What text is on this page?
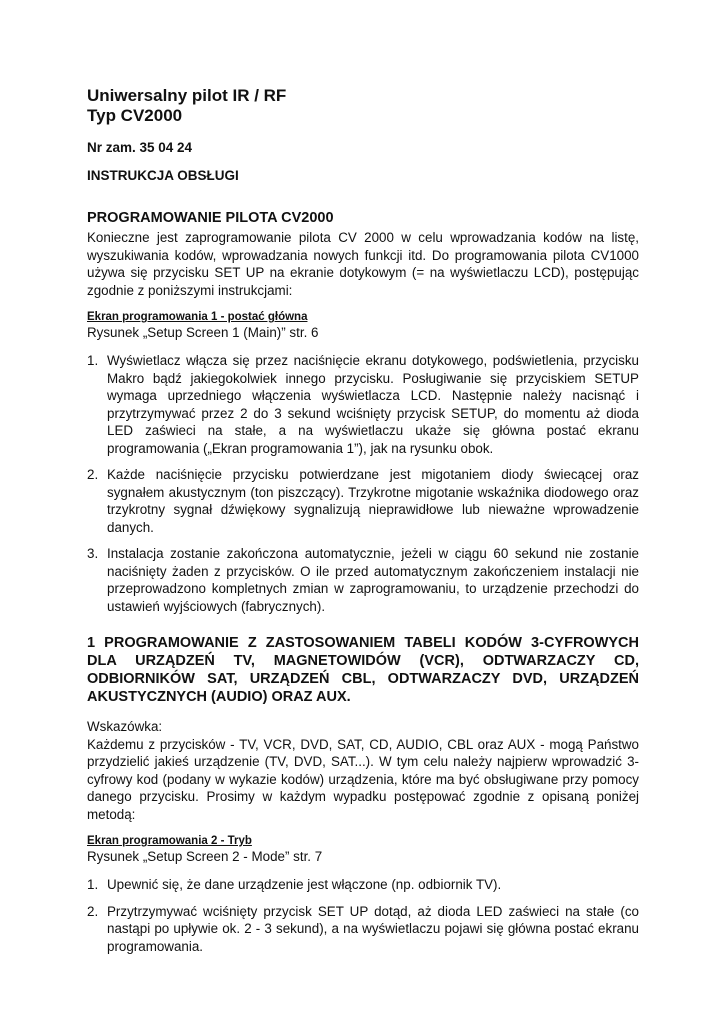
Uniwersalny pilot IR / RF

Typ CV2000

Nr zam. 35 04 24

INSTRUKCJA OBSŁUGI

PROGRAMOWANIE PILOTA CV2000

Konieczne jest zaprogramowanie pilota CV 2000 w celu wprowadzania kodów na listę, wyszukiwania kodów, wprowadzania nowych funkcji itd. Do programowania pilota CV1000 używa się przycisku SET UP na ekranie dotykowym (= na wyświetlaczu LCD), postępując zgodnie z poniższymi instrukcjami:

Ekran programowania 1 - postać główna

Rysunek „Setup Screen 1 (Main)” str. 6

1. Wyświetlacz włącza się przez naciśnięcie ekranu dotykowego, podświetlenia, przycisku Makro bądź jakiegokolwiek innego przycisku. Posługiwanie się przyciskiem SETUP wymaga uprzedniego włączenia wyświetlacza LCD. Następnie należy nacisnąć i przytrzymywać przez 2 do 3 sekund wciśnięty przycisk SETUP, do momentu aż dioda LED zaświeci na stałe, a na wyświetlaczu ukaże się główna postać ekranu programowania („Ekran programowania 1”), jak na rysunku obok.
2. Każde naciśnięcie przycisku potwierdzane jest migotaniem diody świecącej oraz sygnałem akustycznym (ton piszczący). Trzykrotne migotanie wskaźnika diodowego oraz trzykrotny sygnał dźwiękowy sygnalizują nieprawidłowe lub nieważne wprowadzenie danych.
3. Instalacja zostanie zakończona automatycznie, jeżeli w ciągu 60 sekund nie zostanie naciśnięty żaden z przycisków. O ile przed automatycznym zakończeniem instalacji nie przeprowadzono kompletnych zmian w zaprogramowaniu, to urządzenie przechodzi do ustawień wyjściowych (fabrycznych).

1 PROGRAMOWANIE Z ZASTOSOWANIEM TABELI KODÓW 3-CYFROWYCH DLA URZĄDZEŃ TV, MAGNETOWIDÓW (VCR), ODTWARZACZY CD, ODBIORNIKÓW SAT, URZĄDZEŃ CBL, ODTWARZACZY DVD, URZĄDZEŃ AKUSTYCZNYCH (AUDIO) ORAZ AUX.

Wskazówka:

Każdemu z przycisków - TV, VCR, DVD, SAT, CD, AUDIO, CBL oraz AUX - mogą Państwo przydzielić jakieś urządzenie (TV, DVD, SAT...). W tym celu należy najpierw wprowadzić 3-cyfrowy kod (podany w wykazie kodów) urządzenia, które ma być obsługiwane przy pomocy danego przycisku. Prosimy w każdym wypadku postępować zgodnie z opisaną poniżej metodą:

Ekran programowania 2 - Tryb

Rysunek „Setup Screen 2 - Mode” str. 7

1. Upewnić się, że dane urządzenie jest włączone (np. odbiornik TV).
2. Przytrzymywać wciśnięty przycisk SET UP dotąd, aż dioda LED zaświeci na stałe (co nastąpi po upływie ok. 2 - 3 sekund), a na wyświetlaczu pojawi się główna postać ekranu programowania.
